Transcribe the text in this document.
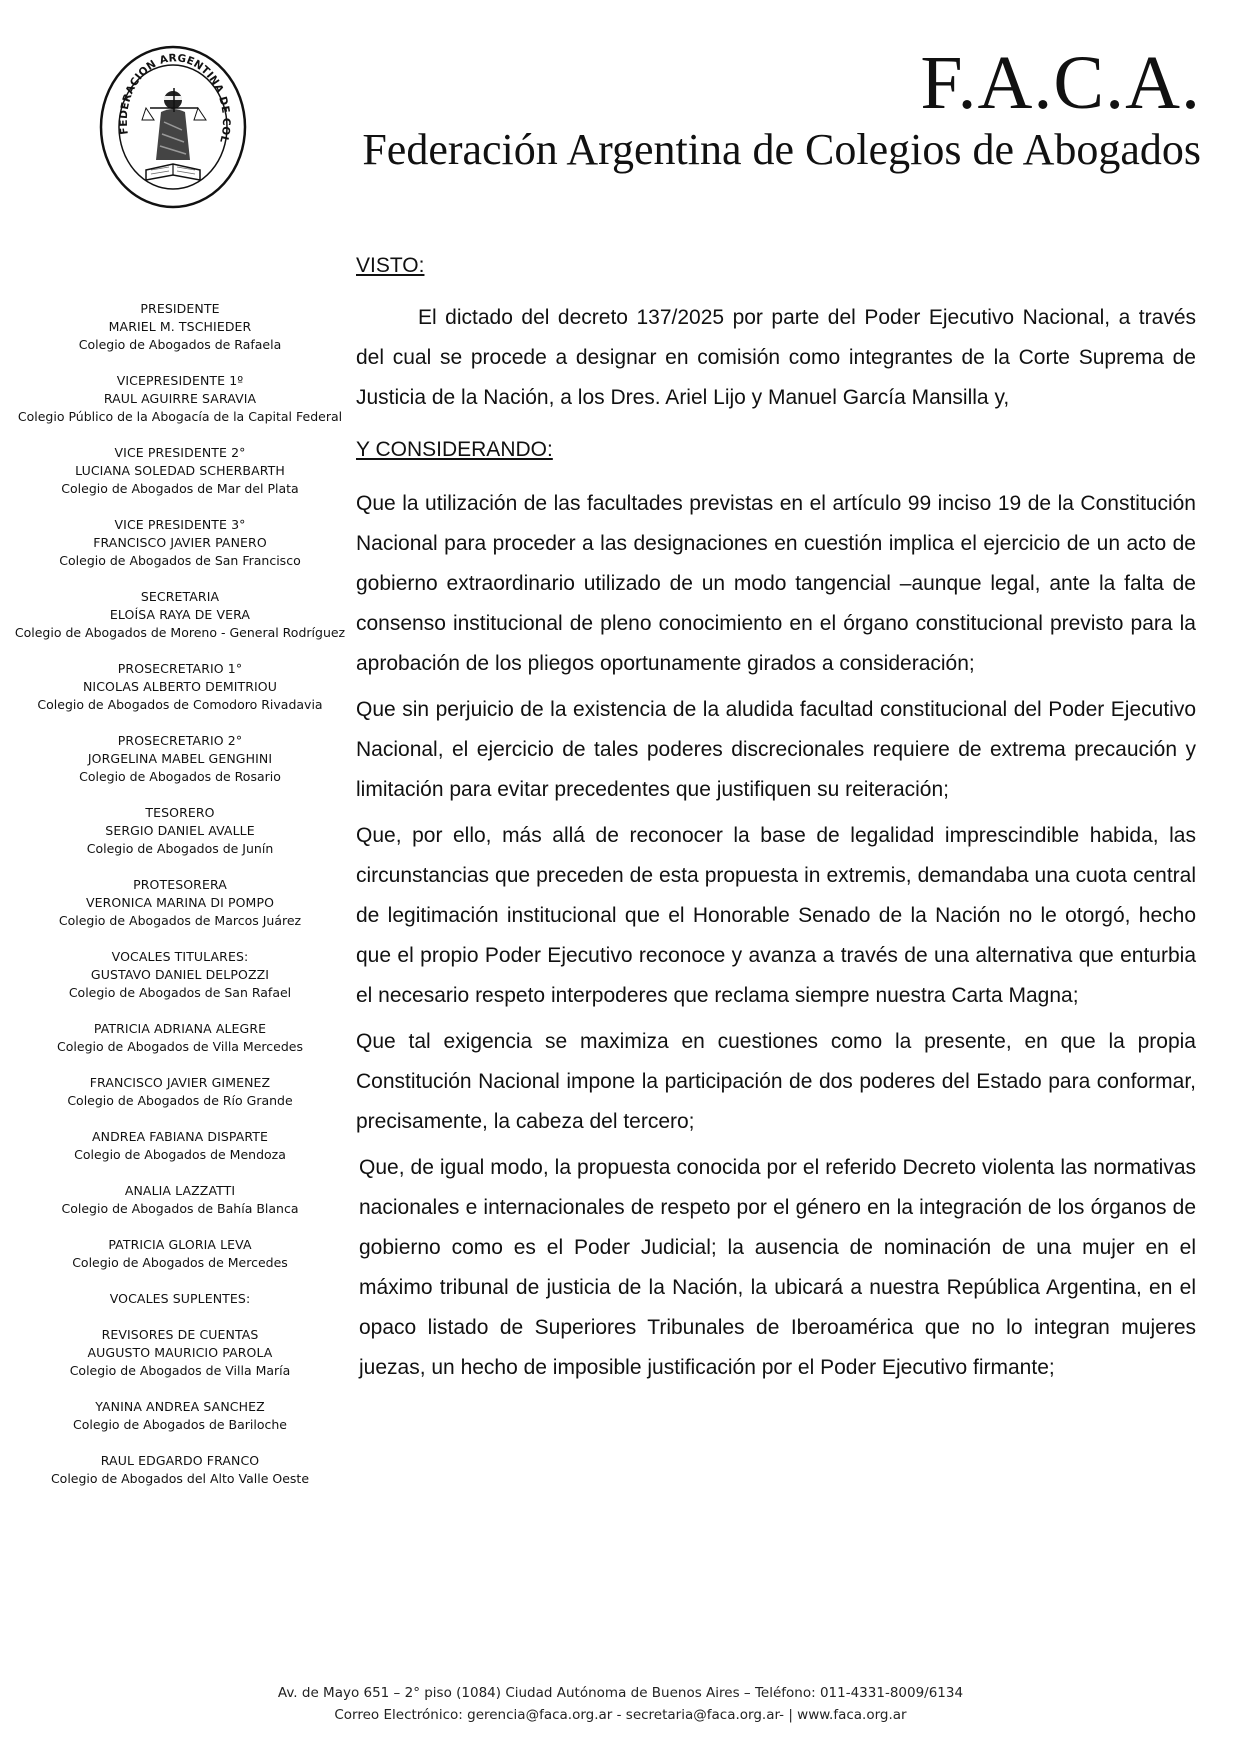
FEDERACION ARGENTINA DE COL
F.A.C.A.
Federación Argentina de Colegios de Abogados
PRESIDENTE
MARIEL M. TSCHIEDER
Colegio de Abogados de Rafaela
VICEPRESIDENTE 1º
RAUL AGUIRRE SARAVIA
Colegio Público de la Abogacía de la Capital Federal
VICE PRESIDENTE 2°
LUCIANA SOLEDAD SCHERBARTH
Colegio de Abogados de Mar del Plata
VICE PRESIDENTE 3°
FRANCISCO JAVIER PANERO
Colegio de Abogados de San Francisco
SECRETARIA
ELOÍSA RAYA DE VERA
Colegio de Abogados de Moreno - General Rodríguez
PROSECRETARIO 1°
NICOLAS ALBERTO DEMITRIOU
Colegio de Abogados de Comodoro Rivadavia
PROSECRETARIO 2°
JORGELINA MABEL GENGHINI
Colegio de Abogados de Rosario
TESORERO
SERGIO DANIEL AVALLE
Colegio de Abogados de Junín
PROTESORERA
VERONICA MARINA DI POMPO
Colegio de Abogados de Marcos Juárez
VOCALES TITULARES:
GUSTAVO DANIEL DELPOZZI
Colegio de Abogados de San Rafael
PATRICIA ADRIANA ALEGRE
Colegio de Abogados de Villa Mercedes
FRANCISCO JAVIER GIMENEZ
Colegio de Abogados de Río Grande
ANDREA FABIANA DISPARTE
Colegio de Abogados de Mendoza
ANALIA LAZZATTI
Colegio de Abogados de Bahía Blanca
PATRICIA GLORIA LEVA
Colegio de Abogados de Mercedes
VOCALES SUPLENTES:
REVISORES DE CUENTAS
AUGUSTO MAURICIO PAROLA
Colegio de Abogados de Villa María
YANINA ANDREA SANCHEZ
Colegio de Abogados de Bariloche
RAUL EDGARDO FRANCO
Colegio de Abogados del Alto Valle Oeste

VISTO:

El dictado del decreto 137/2025 por parte del Poder Ejecutivo Nacional, a través del cual se procede a designar en comisión como integrantes de la Corte Suprema de Justicia de la Nación, a los Dres. Ariel Lijo y Manuel García Mansilla y,

Y CONSIDERANDO:

Que la utilización de las facultades previstas en el artículo 99 inciso 19 de la Constitución Nacional para proceder a las designaciones en cuestión implica el ejercicio de un acto de gobierno extraordinario utilizado de un modo tangencial –aunque legal, ante la falta de consenso institucional de pleno conocimiento en el órgano constitucional previsto para la aprobación de los pliegos oportunamente girados a consideración;

Que sin perjuicio de la existencia de la aludida facultad constitucional del Poder Ejecutivo Nacional, el ejercicio de tales poderes discrecionales requiere de extrema precaución y limitación para evitar precedentes que justifiquen su reiteración;

Que, por ello, más allá de reconocer la base de legalidad imprescindible habida, las circunstancias que preceden de esta propuesta in extremis, demandaba una cuota central de legitimación institucional que el Honorable Senado de la Nación no le otorgó, hecho que el propio Poder Ejecutivo reconoce y avanza a través de una alternativa que enturbia el necesario respeto interpoderes que reclama siempre nuestra Carta Magna;

Que tal exigencia se maximiza en cuestiones como la presente, en que la propia Constitución Nacional impone la participación de dos poderes del Estado para conformar, precisamente, la cabeza del tercero;

Que, de igual modo, la propuesta conocida por el referido Decreto violenta las normativas nacionales e internacionales de respeto por el género en la integración de los órganos de gobierno como es el Poder Judicial; la ausencia de nominación de una mujer en el máximo tribunal de justicia de la Nación, la ubicará a nuestra República Argentina, en el opaco listado de Superiores Tribunales de Iberoamérica que no lo integran mujeres juezas, un hecho de imposible justificación por el Poder Ejecutivo firmante;

Av. de Mayo 651 – 2° piso (1084) Ciudad Autónoma de Buenos Aires – Teléfono: 011-4331-8009/6134
Correo Electrónico: gerencia@faca.org.ar - secretaria@faca.org.ar- | www.faca.org.ar
